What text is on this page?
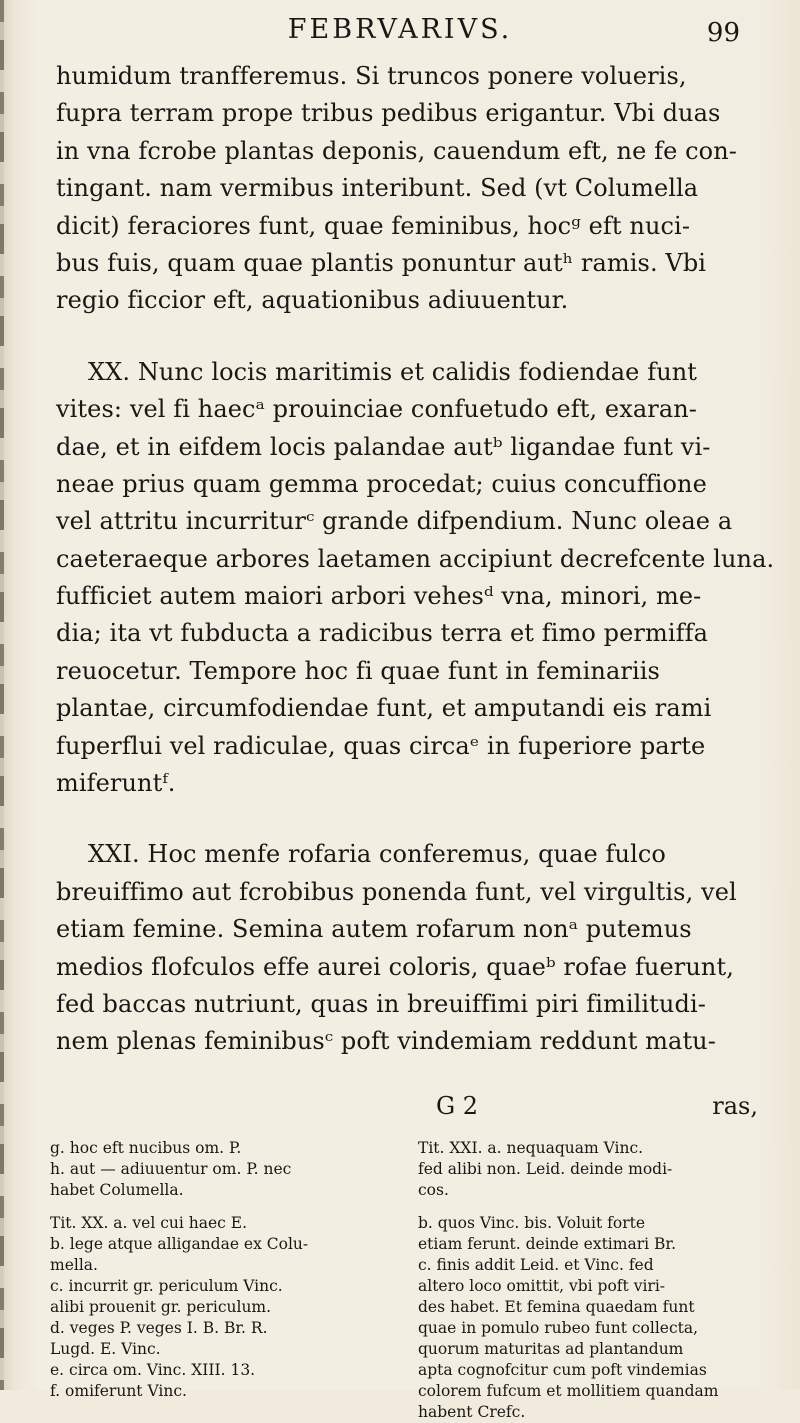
FEBRVARIVS.	99
humidum tranfferemus. Si truncos ponere volueris,
fupra terram prope tribus pedibus erigantur. Vbi duas
in vna fcrobe plantas deponis, cauendum eft, ne fe con-
tingant. nam vermibus interibunt. Sed (vt Columella
dicit) feraciores funt, quae feminibus, hocᵍ eft nuci-
bus fuis, quam quae plantis ponuntur autʰ ramis. Vbi
regio ficcior eft, aquationibus adiuuentur.
XX. Nunc locis maritimis et calidis fodiendae funt
vites: vel fi haecᵃ prouinciae confuetudo eft, exaran-
dae, et in eifdem locis palandae autᵇ ligandae funt vi-
neae prius quam gemma procedat; cuius concuffione
vel attritu incurriturᶜ grande difpendium. Nunc oleae a
caeteraeque arbores laetamen accipiunt decrefcente luna.
fufficiet autem maiori arbori vehesᵈ vna, minori, me-
dia; ita vt fubducta a radicibus terra et fimo permiffa
reuocetur. Tempore hoc fi quae funt in feminariis
plantae, circumfodiendae funt, et amputandi eis rami
fuperflui vel radiculae, quas circaᵉ in fuperiore parte
miferuntᶠ.
XXI. Hoc menfe rofaria conferemus, quae fulco
breuiffimo aut fcrobibus ponenda funt, vel virgultis, vel
etiam femine. Semina autem rofarum nonᵃ putemus
medios flofculos effe aurei coloris, quaeᵇ rofae fuerunt,
fed baccas nutriunt, quas in breuiffimi piri fimilitudi-
nem plenas feminibusᶜ poft vindemiam reddunt matu-
G 2	ras,
g. hoc eft nucibus om. P.
h. aut — adiuuentur om. P. nec
habet Columella.
Tit. XX. a. vel cui haec E.
b. lege atque alligandae ex Colu-
mella.
c. incurrit gr. periculum Vinc.
alibi prouenit gr. periculum.
d. veges P. veges I. B. Br. R.
Lugd. E. Vinc.
e. circa om. Vinc. XIII. 13.
f. omiferunt Vinc.
Tit. XXI. a. nequaquam Vinc.
fed alibi non. Leid. deinde modi-
cos.
b. quos Vinc. bis. Voluit forte
etiam ferunt. deinde extimari Br.
c. finis addit Leid. et Vinc. fed
altero loco omittit, vbi poft viri-
des habet. Et femina quaedam funt
quae in pomulo rubeo funt collecta,
quorum maturitas ad plantandum
apta cognofcitur cum poft vindemias
colorem fufcum et mollitiem quandam
habent Crefc.
